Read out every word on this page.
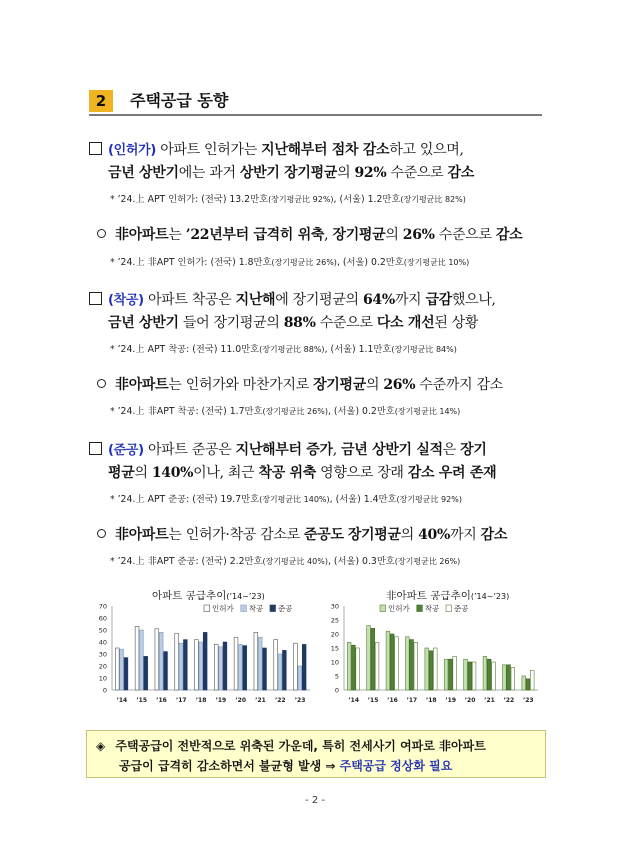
2	주택공급 동향
(인허가) 아파트 인허가는 지난해부터 점차 감소하고 있으며,
금년 상반기에는 과거 상반기 장기평균의 92% 수준으로 감소
* ’24.上 APT 인허가: (전국) 13.2만호(장기평균比 92%), (서울) 1.2만호(장기평균比 82%)
非아파트는 ’22년부터 급격히 위축, 장기평균의 26% 수준으로 감소
* ’24.上 非APT 인허가: (전국) 1.8만호(장기평균比 26%), (서울) 0.2만호(장기평균比 10%)
(착공) 아파트 착공은 지난해에 장기평균의 64%까지 급감했으나,
금년 상반기 들어 장기평균의 88% 수준으로 다소 개선된 상황
* ’24.上 APT 착공: (전국) 11.0만호(장기평균比 88%), (서울) 1.1만호(장기평균比 84%)
非아파트는 인허가와 마찬가지로 장기평균의 26% 수준까지 감소
* ’24.上 非APT 착공: (전국) 1.7만호(장기평균比 26%), (서울) 0.2만호(장기평균比 14%)
(준공) 아파트 준공은 지난해부터 증가, 금년 상반기 실적은 장기
평균의 140%이나, 최근 착공 위축 영향으로 장래 감소 우려 존재
* ’24.上 APT 준공: (전국) 19.7만호(장기평균比 140%), (서울) 1.4만호(장기평균比 92%)
非아파트는 인허가·착공 감소로 준공도 장기평균의 40%까지 감소
* ’24.上 非APT 준공: (전국) 2.2만호(장기평균比 40%), (서울) 0.3만호(장기평균比 26%)
아파트 공급추이(’14~’23)	非아파트 공급추이(’14~’23)
0
10
20
30
40
50
60
70
’14 ’15 ’16 ’17 ’18 ’19 ’20 ’21 ’22 ’23
인허가 착공 준공
0
5
10
15
20
25
30
’14 ’15 ’16 ’17 ’18 ’19 ’20 ’21 ’22 ’23
인허가 착공 준공
◈ 주택공급이 전반적으로 위축된 가운데, 특히 전세사기 여파로 非아파트
공급이 급격히 감소하면서 불균형 발생 ⇒ 주택공급 정상화 필요
- 2 -
